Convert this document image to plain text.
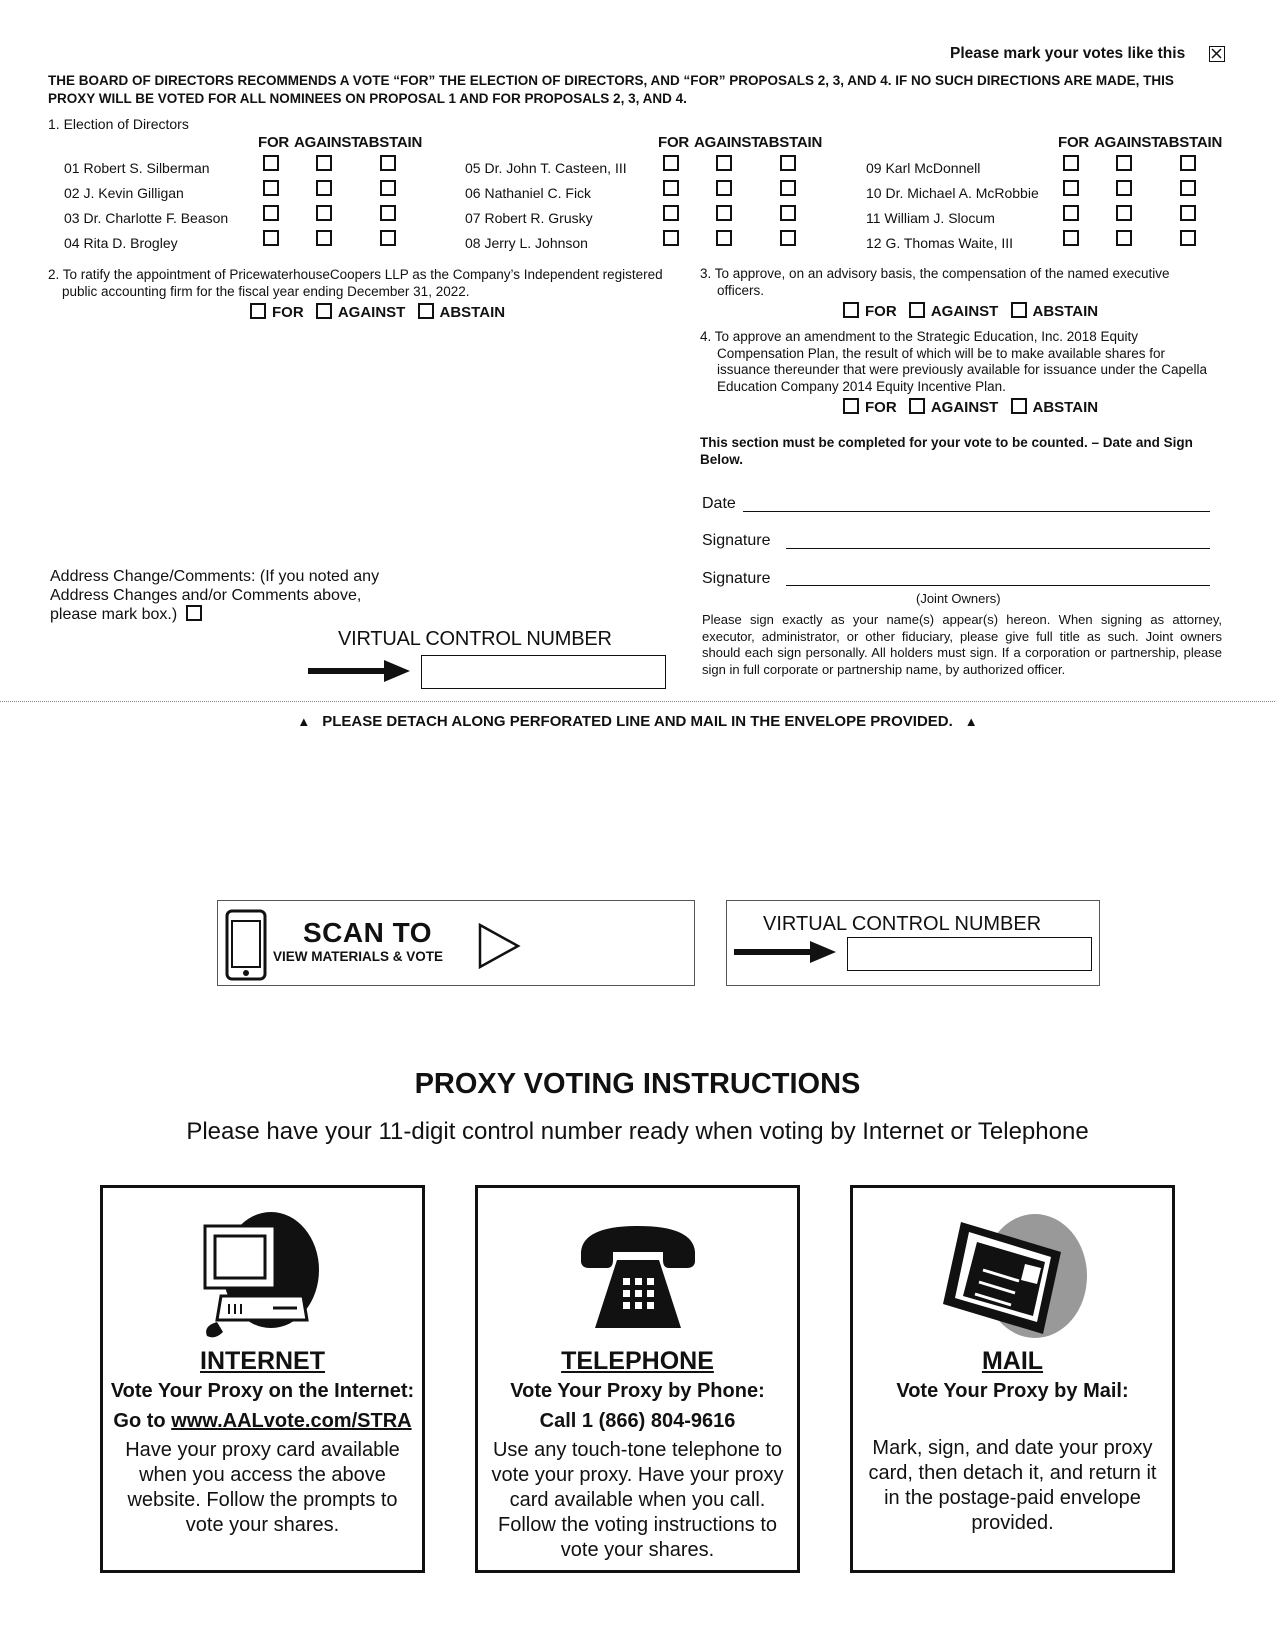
Please mark your votes like this
THE BOARD OF DIRECTORS RECOMMENDS A VOTE “FOR” THE ELECTION OF DIRECTORS, AND “FOR” PROPOSALS 2, 3, AND 4. IF NO SUCH DIRECTIONS ARE MADE, THIS PROXY WILL BE VOTED FOR ALL NOMINEES ON PROPOSAL 1 AND FOR PROPOSALS 2, 3, AND 4.
1. Election of Directors
FOR AGAINST
ABSTAIN	FOR AGAINST
ABSTAIN	FOR AGAINST
ABSTAIN
01 Robert S. Silberman
02 J. Kevin Gilligan
03 Dr. Charlotte F. Beason
04 Rita D. Brogley
05 Dr. John T. Casteen, III
06 Nathaniel C. Fick
07 Robert R. Grusky
08 Jerry L. Johnson
09 Karl McDonnell
10 Dr. Michael A. McRobbie
11 William J. Slocum
12 G. Thomas Waite, III
2. To ratify the appointment of PricewaterhouseCoopers LLP as the Company’s Independent registered public accounting firm for the fiscal year ending December 31, 2022.
FOR AGAINST ABSTAIN
3. To approve, on an advisory basis, the compensation of the named executive officers.
FOR AGAINST ABSTAIN
4. To approve an amendment to the Strategic Education, Inc. 2018 Equity Compensation Plan, the result of which will be to make available shares for issuance thereunder that were previously available for issuance under the Capella Education Company 2014 Equity Incentive Plan.
FOR AGAINST ABSTAIN
This section must be completed for your vote to be counted. – Date and Sign Below.
Date
Signature
Signature
(Joint Owners)
Please sign exactly as your name(s) appear(s) hereon. When signing as attorney, executor, administrator, or other fiduciary, please give full title as such. Joint owners should each sign personally. All holders must sign. If a corporation or partnership, please sign in full corporate or partnership name, by authorized officer.
Address Change/Comments: (If you noted any Address Changes and/or Comments above, please mark box.)
VIRTUAL CONTROL NUMBER
▲ PLEASE DETACH ALONG PERFORATED LINE AND MAIL IN THE ENVELOPE PROVIDED. ▲
SCAN TO
VIEW MATERIALS & VOTE
VIRTUAL CONTROL NUMBER
PROXY VOTING INSTRUCTIONS
Please have your 11-digit control number ready when voting by Internet or Telephone
INTERNET
Vote Your Proxy on the Internet:
Go to www.AALvote.com/STRA
Have your proxy card available when you access the above website. Follow the prompts to vote your shares.
TELEPHONE
Vote Your Proxy by Phone:
Call 1 (866) 804-9616
Use any touch-tone telephone to vote your proxy. Have your proxy card available when you call. Follow the voting instructions to vote your shares.
MAIL
Vote Your Proxy by Mail:
Mark, sign, and date your proxy card, then detach it, and return it in the postage-paid envelope provided.
